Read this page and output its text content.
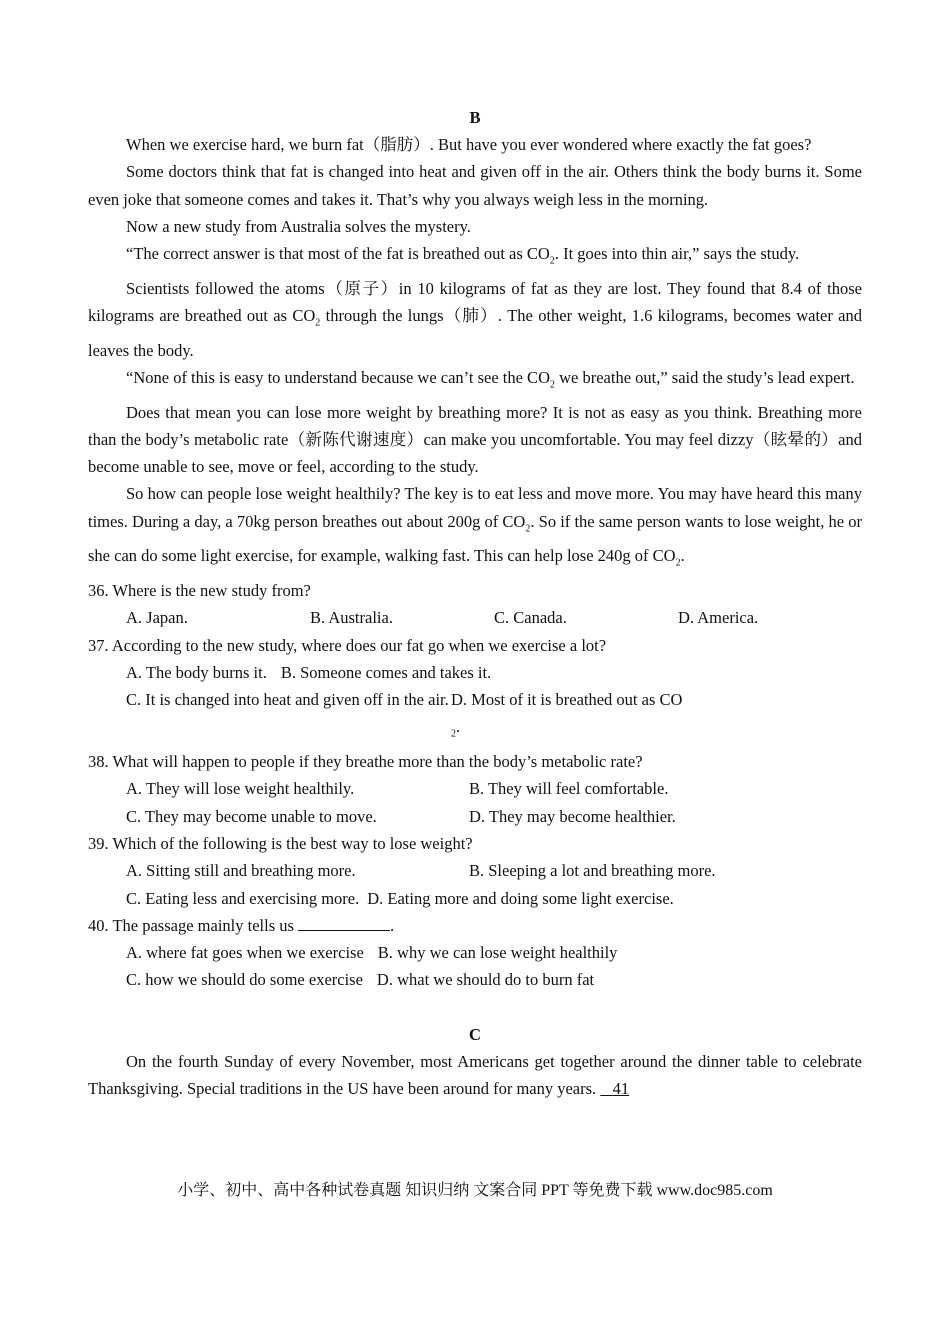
B

When we exercise hard, we burn fat（脂肪）. But have you ever wondered where exactly the fat goes?

Some doctors think that fat is changed into heat and given off in the air. Others think the body burns it. Some even joke that someone comes and takes it. That’s why you always weigh less in the morning.

Now a new study from Australia solves the mystery.

“The correct answer is that most of the fat is breathed out as $CO_2$. It goes into thin air,” says the study.

Scientists followed the atoms（原子）in 10 kilograms of fat as they are lost. They found that 8.4 of those kilograms are breathed out as $CO_2$ through the lungs（肺）. The other weight, 1.6 kilograms, becomes water and leaves the body.

“None of this is easy to understand because we can’t see the $CO_2$ we breathe out,” said the study’s lead expert.

Does that mean you can lose more weight by breathing more? It is not as easy as you think. Breathing more than the body’s metabolic rate（新陈代谢速度）can make you uncomfortable. You may feel dizzy（眩晕的）and become unable to see, move or feel, according to the study.

So how can people lose weight healthily? The key is to eat less and move more. You may have heard this many times. During a day, a 70kg person breathes out about 200g of $CO_2$. So if the same person wants to lose weight, he or she can do some light exercise, for example, walking fast. This can help lose 240g of $CO_2$.

36. Where is the new study from?

A. Japan.	B. Australia.	C. Canada.	D. America.

37. According to the new study, where does our fat go when we exercise a lot?

A. The body burns it. B. Someone comes and takes it.
C. It is changed into heat and given off in the air. D. Most of it is breathed out as $CO_2$.

38. What will happen to people if they breathe more than the body’s metabolic rate?

A. They will lose weight healthily.	B. They will feel comfortable.
C. They may become unable to move.	D. They may become healthier.

39. Which of the following is the best way to lose weight?

A. Sitting still and breathing more.	B. Sleeping a lot and breathing more.
C. Eating less and exercising more. D. Eating more and doing some light exercise.

40. The passage mainly tells us	.

A. where fat goes when we exercise B. why we can lose weight healthily
C. how we should do some exercise D. what we should do to burn fat
C

On the fourth Sunday of every November, most Americans get together around the dinner table to celebrate Thanksgiving. Special traditions in the US have been around for many years. 41

小学、初中、高中各种试卷真题 知识归纳 文案合同 PPT 等免费下载 www.doc985.com
